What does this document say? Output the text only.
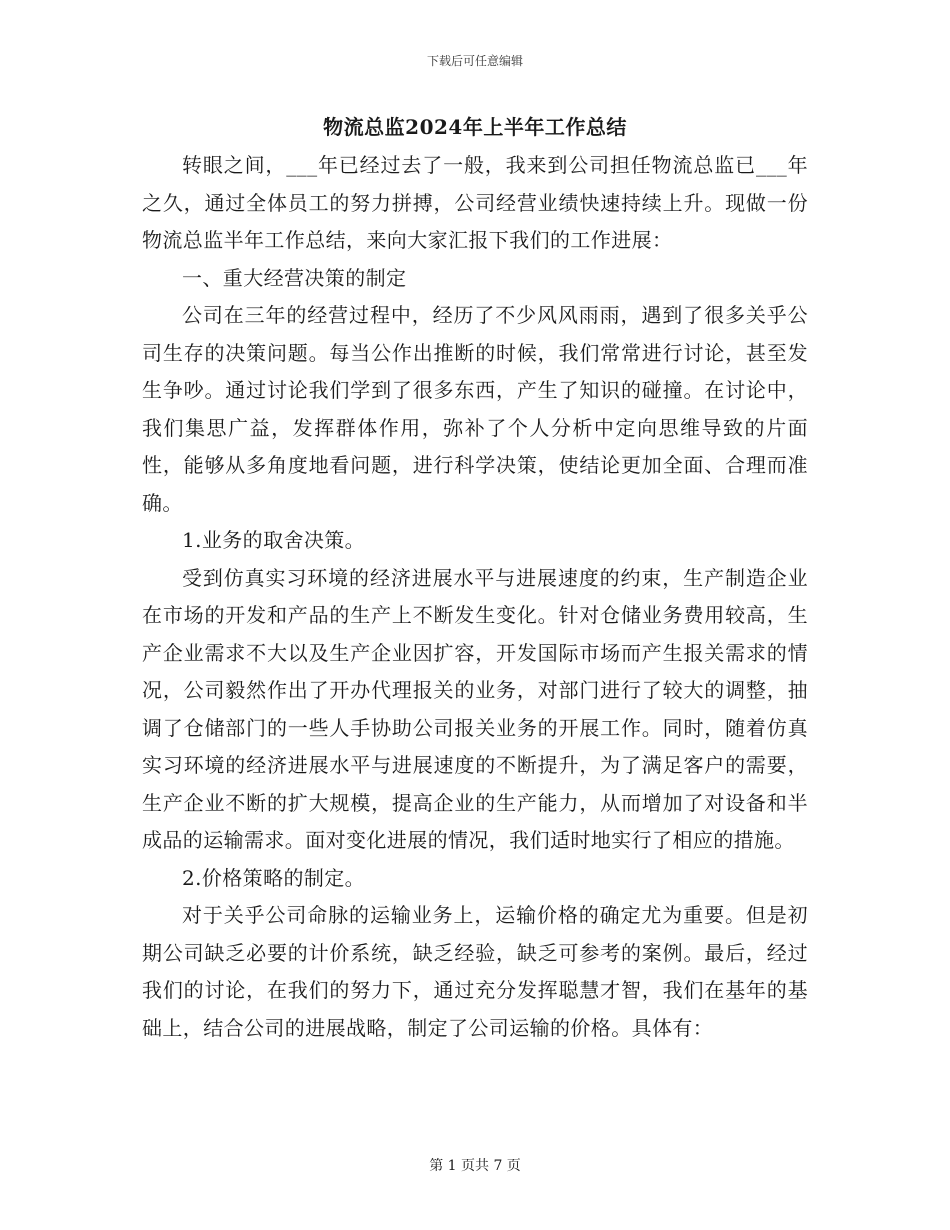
下载后可任意编辑
物流总监2024年上半年工作总结

转眼之间，___年已经过去了一般，我来到公司担任物流总监已___年之久，通过全体员工的努力拼搏，公司经营业绩快速持续上升。现做一份物流总监半年工作总结，来向大家汇报下我们的工作进展：

一、重大经营决策的制定

公司在三年的经营过程中，经历了不少风风雨雨，遇到了很多关乎公司生存的决策问题。每当公作出推断的时候，我们常常进行讨论，甚至发生争吵。通过讨论我们学到了很多东西，产生了知识的碰撞。在讨论中，我们集思广益，发挥群体作用，弥补了个人分析中定向思维导致的片面性，能够从多角度地看问题，进行科学决策，使结论更加全面、合理而准确。

1.业务的取舍决策。

受到仿真实习环境的经济进展水平与进展速度的约束，生产制造企业在市场的开发和产品的生产上不断发生变化。针对仓储业务费用较高，生产企业需求不大以及生产企业因扩容，开发国际市场而产生报关需求的情况，公司毅然作出了开办代理报关的业务，对部门进行了较大的调整，抽调了仓储部门的一些人手协助公司报关业务的开展工作。同时，随着仿真实习环境的经济进展水平与进展速度的不断提升，为了满足客户的需要，生产企业不断的扩大规模，提高企业的生产能力，从而增加了对设备和半成品的运输需求。面对变化进展的情况，我们适时地实行了相应的措施。

2.价格策略的制定。

对于关乎公司命脉的运输业务上，运输价格的确定尤为重要。但是初期公司缺乏必要的计价系统，缺乏经验，缺乏可参考的案例。最后，经过我们的讨论，在我们的努力下，通过充分发挥聪慧才智，我们在基年的基础上，结合公司的进展战略，制定了公司运输的价格。具体有：

第 1 页共 7 页
